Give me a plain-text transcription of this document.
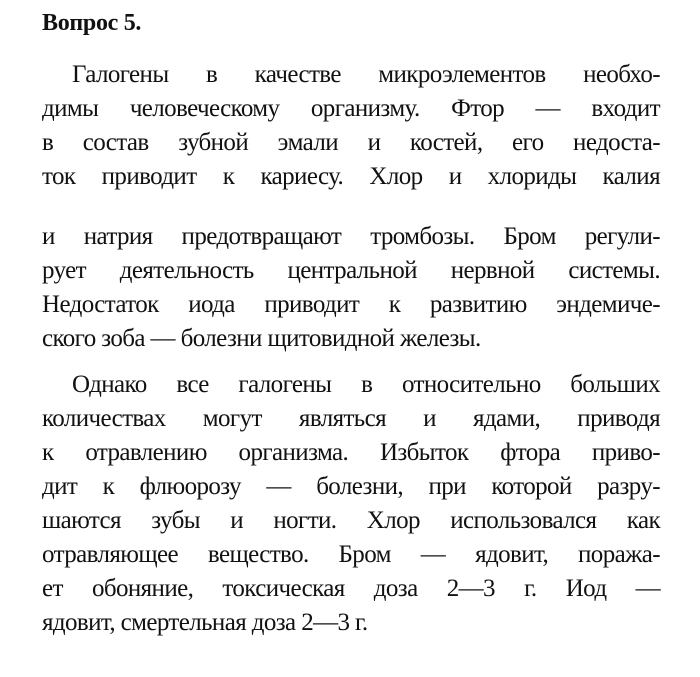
Вопрос 5.
Галогены в качестве микроэлементов необхо-
димы человеческому организму. Фтор — входит
в состав зубной эмали и костей, его недоста-
ток приводит к кариесу. Хлор и хлориды калия
и натрия предотвращают тромбозы. Бром регули-
рует деятельность центральной нервной системы.
Недостаток иода приводит к развитию эндемиче-
ского зоба — болезни щитовидной железы.
Однако все галогены в относительно больших
количествах могут являться и ядами, приводя
к отравлению организма. Избыток фтора приво-
дит к флюорозу — болезни, при которой разру-
шаются зубы и ногти. Хлор использовался как
отравляющее вещество. Бром — ядовит, поража-
ет обоняние, токсическая доза 2—3 г. Иод —
ядовит, смертельная доза 2—3 г.
